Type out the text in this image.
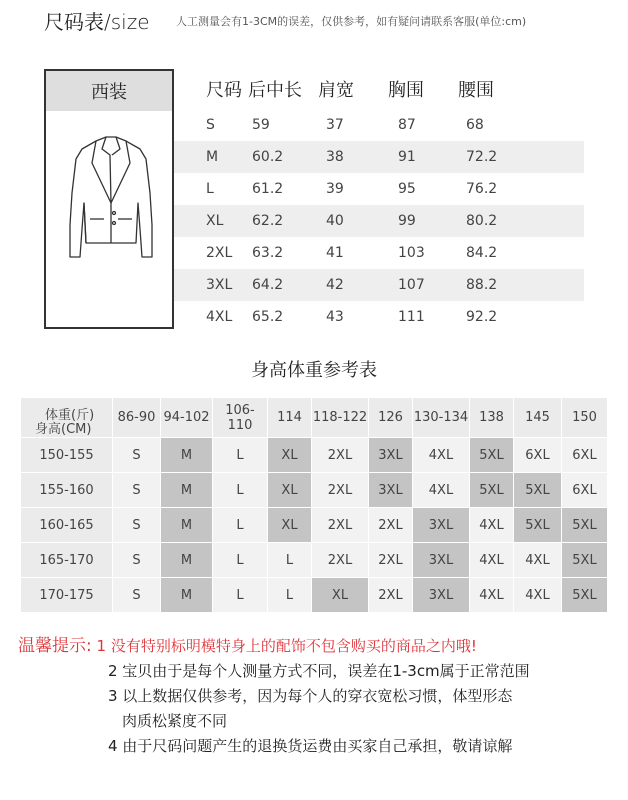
尺码表/size 人工测量会有1-3CM的误差，仅供参考，如有疑问请联系客服(单位:cm)
西装	尺码 后中长 肩宽	胸围	腰围
S	59	37	87	68
M	60.2	38	91	72.2
L	61.2	39	95	76.2
XL	62.2	40	99	80.2
2XL	63.2	41	103	84.2
3XL	64.2	42	107	88.2
4XL	65.2	43	111	92.2
身高体重参考表
体重(斤)
身高(CM)	86-90	94-102	106-110	114	118-122	126	130-134	138	145	150
150-155	S	M	L	XL	2XL	3XL	4XL	5XL	6XL	6XL
155-160	S	M	L	XL	2XL	3XL	4XL	5XL	5XL	6XL
160-165	S	M	L	XL	2XL	2XL	3XL	4XL	5XL	5XL
165-170	S	M	L	L	2XL	2XL	3XL	4XL	4XL	5XL
170-175	S	M	L	L	XL	2XL	3XL	4XL	4XL	5XL
温馨提示: 1 没有特别标明模特身上的配饰不包含购买的商品之内哦!
2 宝贝由于是每个人测量方式不同，误差在1-3cm属于正常范围
3 以上数据仅供参考，因为每个人的穿衣宽松习惯，体型形态
肉质松紧度不同
4 由于尺码问题产生的退换货运费由买家自己承担，敬请谅解
